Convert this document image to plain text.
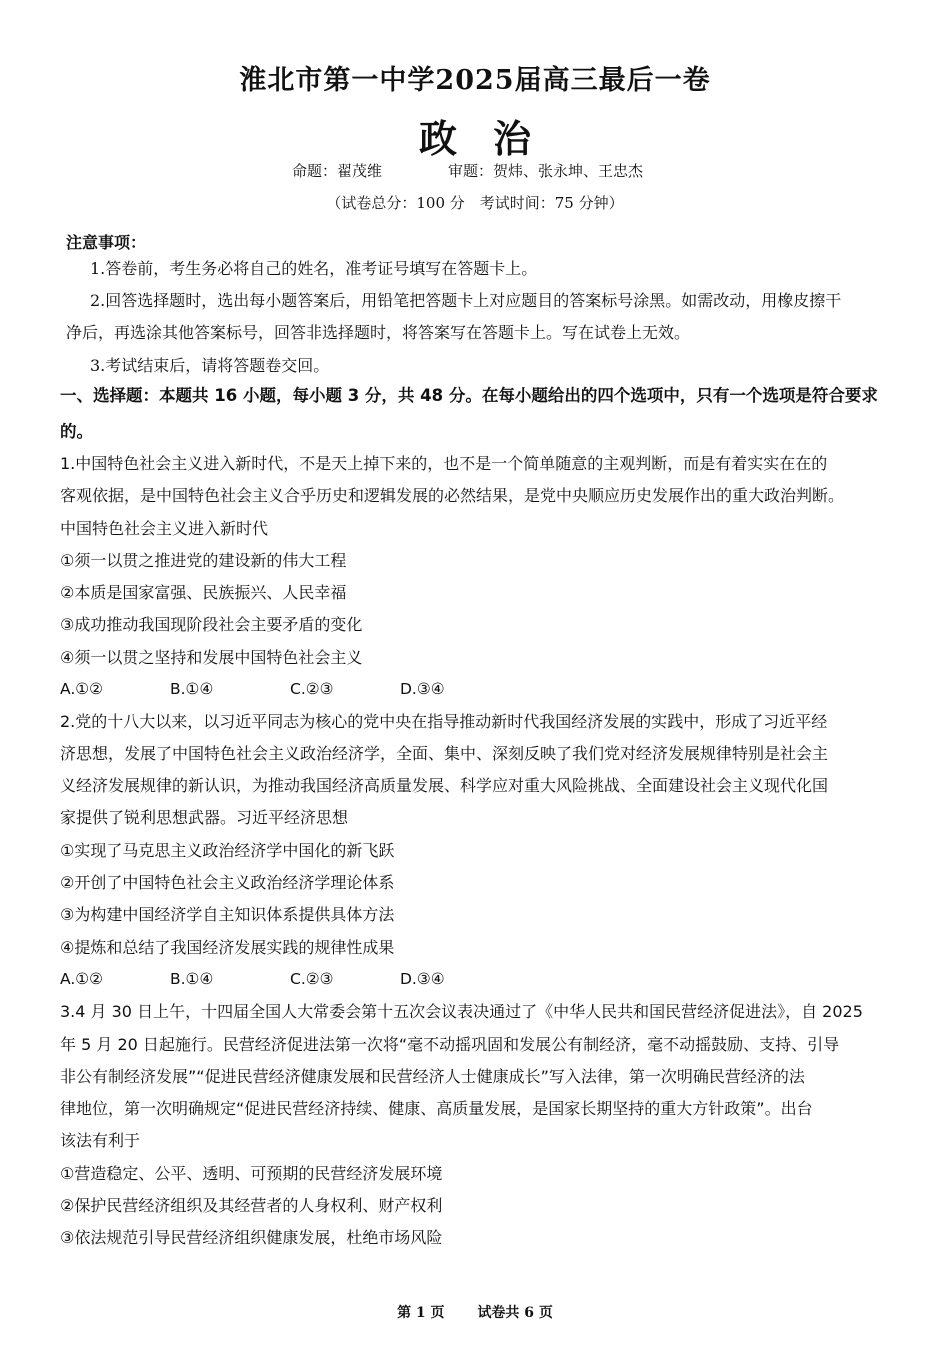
淮北市第一中学2025届高三最后一卷
政治
命题：翟茂维	审题：贺炜、张永坤、王忠杰
（试卷总分：100 分　考试时间：75 分钟）
注意事项：
1.答卷前，考生务必将自己的姓名，准考证号填写在答题卡上。
2.回答选择题时，选出每小题答案后，用铅笔把答题卡上对应题目的答案标号涂黑。如需改动，用橡皮擦干
净后，再选涂其他答案标号，回答非选择题时，将答案写在答题卡上。写在试卷上无效。
3.考试结束后，请将答题卷交回。
一、选择题：本题共 16 小题，每小题 3 分，共 48 分。在每小题给出的四个选项中，只有一个选项是符合要求
的。
1.中国特色社会主义进入新时代，不是天上掉下来的，也不是一个简单随意的主观判断，而是有着实实在在的
客观依据，是中国特色社会主义合乎历史和逻辑发展的必然结果，是党中央顺应历史发展作出的重大政治判断。
中国特色社会主义进入新时代
①须一以贯之推进党的建设新的伟大工程
②本质是国家富强、民族振兴、人民幸福
③成功推动我国现阶段社会主要矛盾的变化
④须一以贯之坚持和发展中国特色社会主义
A.①②	B.①④	C.②③	D.③④
2.党的十八大以来，以习近平同志为核心的党中央在指导推动新时代我国经济发展的实践中，形成了习近平经
济思想，发展了中国特色社会主义政治经济学，全面、集中、深刻反映了我们党对经济发展规律特别是社会主
义经济发展规律的新认识，为推动我国经济高质量发展、科学应对重大风险挑战、全面建设社会主义现代化国
家提供了锐利思想武器。习近平经济思想
①实现了马克思主义政治经济学中国化的新飞跃
②开创了中国特色社会主义政治经济学理论体系
③为构建中国经济学自主知识体系提供具体方法
④提炼和总结了我国经济发展实践的规律性成果
A.①②	B.①④	C.②③	D.③④
3.4 月 30 日上午，十四届全国人大常委会第十五次会议表决通过了《中华人民共和国民营经济促进法》，自 2025
年 5 月 20 日起施行。民营经济促进法第一次将“毫不动摇巩固和发展公有制经济，毫不动摇鼓励、支持、引导
非公有制经济发展”“促进民营经济健康发展和民营经济人士健康成长”写入法律，第一次明确民营经济的法
律地位，第一次明确规定“促进民营经济持续、健康、高质量发展，是国家长期坚持的重大方针政策”。出台
该法有利于
①营造稳定、公平、透明、可预期的民营经济发展环境
②保护民营经济组织及其经营者的人身权利、财产权利
③依法规范引导民营经济组织健康发展，杜绝市场风险
第 1 页 试卷共 6 页
